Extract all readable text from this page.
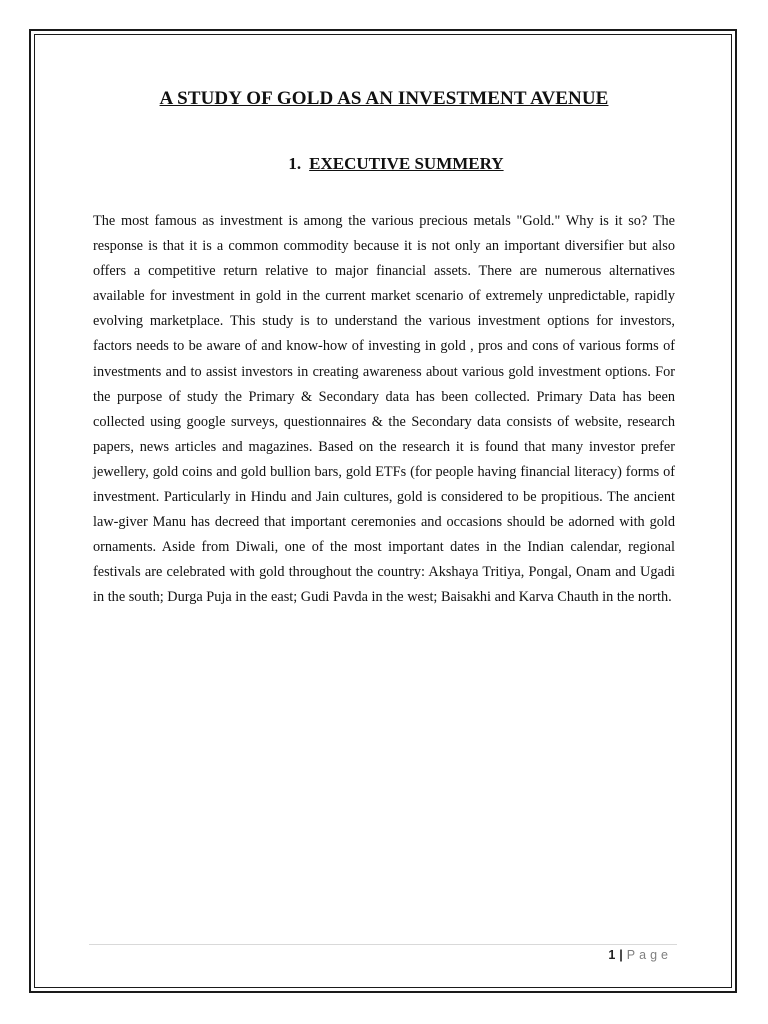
A STUDY OF GOLD AS AN INVESTMENT AVENUE
1. EXECUTIVE SUMMERY

The most famous as investment is among the various precious metals "Gold." Why is it so? The response is that it is a common commodity because it is not only an important diversifier but also offers a competitive return relative to major financial assets. There are numerous alternatives available for investment in gold in the current market scenario of extremely unpredictable, rapidly evolving marketplace. This study is to understand the various investment options for investors, factors needs to be aware of and know-how of investing in gold , pros and cons of various forms of investments and to assist investors in creating awareness about various gold investment options. For the purpose of study the Primary & Secondary data has been collected. Primary Data has been collected using google surveys, questionnaires & the Secondary data consists of website, research papers, news articles and magazines. Based on the research it is found that many investor prefer jewellery, gold coins and gold bullion bars, gold ETFs (for people having financial literacy) forms of investment. Particularly in Hindu and Jain cultures, gold is considered to be propitious. The ancient law-giver Manu has decreed that important ceremonies and occasions should be adorned with gold ornaments. Aside from Diwali, one of the most important dates in the Indian calendar, regional festivals are celebrated with gold throughout the country: Akshaya Tritiya, Pongal, Onam and Ugadi in the south; Durga Puja in the east; Gudi Pavda in the west; Baisakhi and Karva Chauth in the north.

1 | Page
